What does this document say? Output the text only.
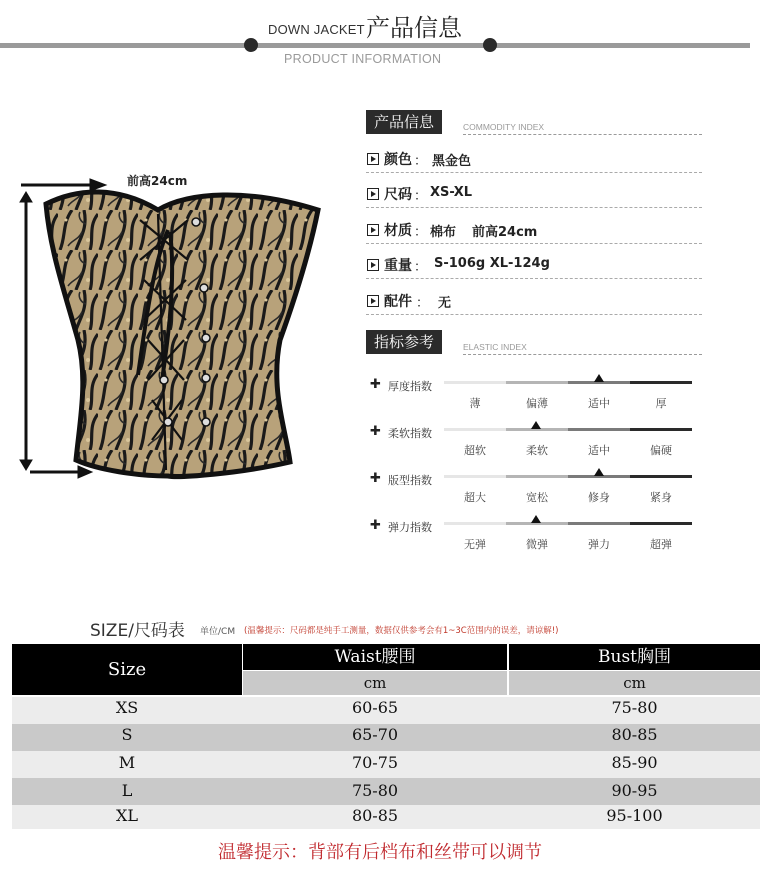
DOWN JACKET 产品信息
PRODUCT INFORMATION
前高24cm
产品信息	COMMODITY INDEX
颜色 ： 黑金色
尺码 ： XS-XL
材质 ： 棉布 前高24cm
重量 ： S-106g XL-124g
配件 ： 无
指标参考	ELASTIC INDEX
✚ 厚度指数
薄	偏薄	适中	厚
✚ 柔软指数
超软	柔软	适中	偏硬
✚ 版型指数
超大	宽松	修身	紧身
✚ 弹力指数
无弹	微弹	弹力	超弹
SIZE/尺码表 单位/CM (温馨提示：尺码都是纯手工测量，数据仅供参考会有1~3C范围内的误差，请谅解!)
Size
Waist腰围	Bust胸围
cm	cm
XS	60-65	75-80
S	65-70	80-85
M	70-75	85-90
L	75-80	90-95
XL	80-85	95-100
温馨提示：背部有后档布和丝带可以调节
